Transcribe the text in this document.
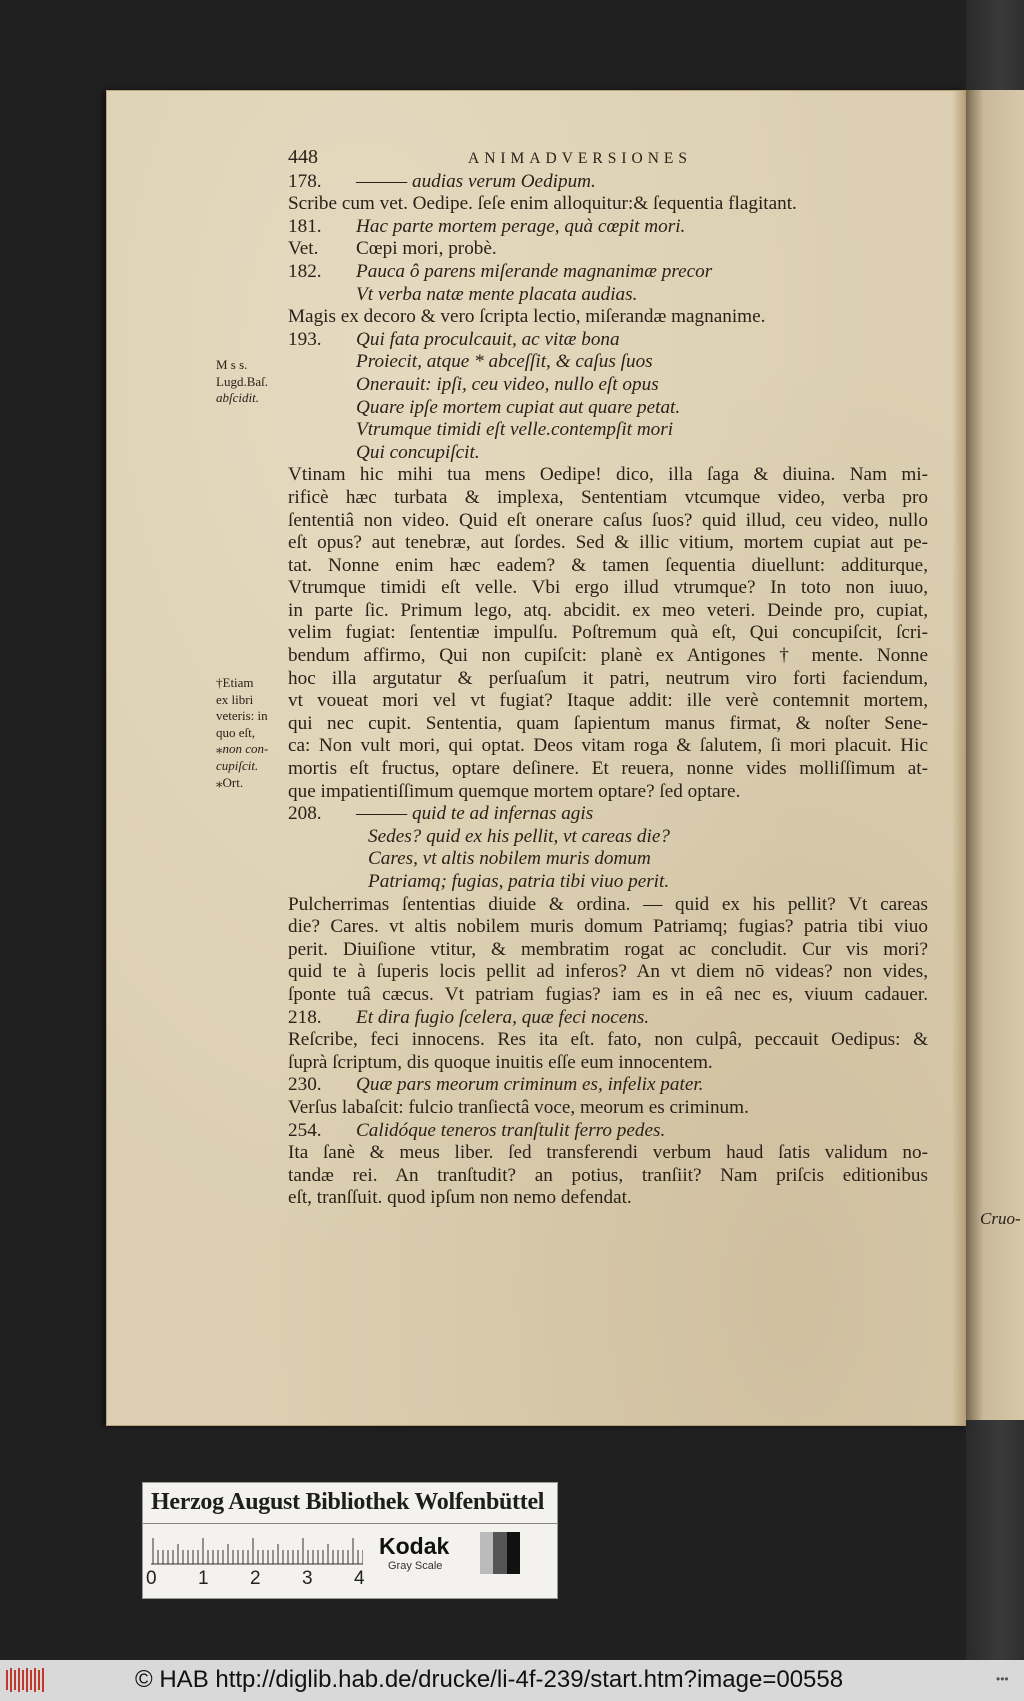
448	ANIMADVERSIONES
178. ——— audias verum Oedipum.
Scribe cum vet. Oedipe. ſeſe enim alloquitur:& ſequentia flagitant.
181. Hac parte mortem perage, quà cœpit mori.
Vet. Cœpi mori, probè.
182. Pauca ô parens miſerande magnanimæ precor
Vt verba natæ mente placata audias.
Magis ex decoro & vero ſcripta lectio, miſerandæ magnanime.
193. Qui fata proculcauit, ac vitæ bona
Proiecit, atque * abceſſit, & caſus ſuos
Onerauit: ipſi, ceu video, nullo eſt opus
Quare ipſe mortem cupiat aut quare petat.
Vtrumque timidi eſt velle.contempſit mori
Qui concupiſcit.
Vtinam hic mihi tua mens Oedipe! dico, illa ſaga & diuina. Nam mi-
rificè hæc turbata & implexa, Sententiam vtcumque video, verba pro
ſententiâ non video. Quid eſt onerare caſus ſuos? quid illud, ceu video, nullo
eſt opus? aut tenebræ, aut ſordes. Sed & illic vitium, mortem cupiat aut pe-
tat. Nonne enim hæc eadem? & tamen ſequentia diuellunt: additurque,
Vtrumque timidi eſt velle. Vbi ergo illud vtrumque? In toto non iuuo,
in parte ſic. Primum lego, atq. abcidit. ex meo veteri. Deinde pro, cupiat,
velim fugiat: ſententiæ impulſu. Poſtremum quà eſt, Qui concupiſcit, ſcri-
bendum affirmo, Qui non cupiſcit: planè ex Antigones † mente. Nonne
hoc illa argutatur & perſuaſum it patri, neutrum viro forti faciendum,
vt voueat mori vel vt fugiat? Itaque addit: ille verè contemnit mortem,
qui nec cupit. Sententia, quam ſapientum manus firmat, & noſter Sene-
ca: Non vult mori, qui optat. Deos vitam roga & ſalutem, ſi mori placuit. Hic
mortis eſt fructus, optare deſinere. Et reuera, nonne vides molliſſimum at-
que impatientiſſimum quemque mortem optare? ſed optare.
208. ——— quid te ad infernas agis
Sedes? quid ex his pellit, vt careas die?
Cares, vt altis nobilem muris domum
Patriamq; fugias, patria tibi viuo perit.
Pulcherrimas ſententias diuide & ordina. — quid ex his pellit? Vt careas
die? Cares. vt altis nobilem muris domum Patriamq; fugias? patria tibi viuo
perit. Diuiſione vtitur, & membratim rogat ac concludit. Cur vis mori?
quid te à ſuperis locis pellit ad inferos? An vt diem nō videas? non vides,
ſponte tuâ cæcus. Vt patriam fugias? iam es in eâ nec es, viuum cadauer.
218. Et dira fugio ſcelera, quæ feci nocens.
Reſcribe, feci innocens. Res ita eſt. fato, non culpâ, peccauit Oedipus: &
ſuprà ſcriptum, dis quoque inuitis eſſe eum innocentem.
230. Quæ pars meorum criminum es, infelix pater.
Verſus labaſcit: fulcio tranſiectâ voce, meorum es criminum.
254. Calidóque teneros tranſtulit ferro pedes.
Ita ſanè & meus liber. ſed transferendi verbum haud ſatis validum no-
tandæ rei. An tranſtudit? an potius, tranſiit? Nam priſcis editionibus
eſt, tranſſuit. quod ipſum non nemo defendat.
M s s.
Lugd.Baſ.
abſcidit.
†Etiam
ex libri
veteris: in
quo eſt,
⁎non con-
cupiſcit.
⁎Ort.
Cruo-
Herzog August Bibliothek Wolfenbüttel
0 1 2 3 4
Kodak
Gray Scale
© HAB http://diglib.hab.de/drucke/li-4f-239/start.htm?image=00558	•••
